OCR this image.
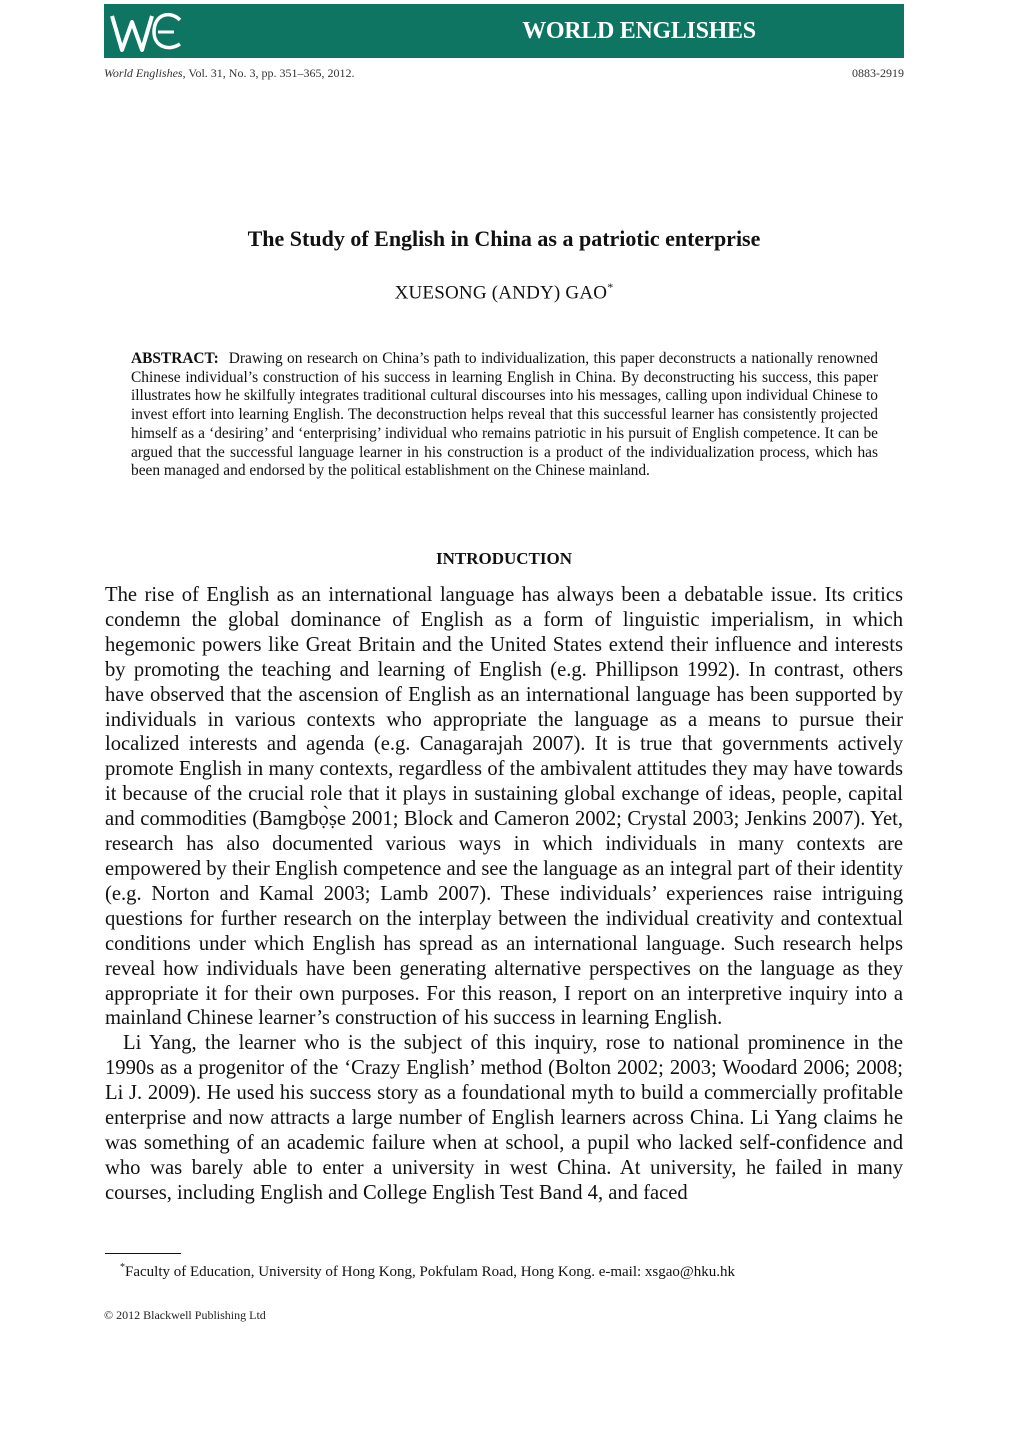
WORLD ENGLISHES
World Englishes, Vol. 31, No. 3, pp. 351–365, 2012.	0883-2919
The Study of English in China as a patriotic enterprise
XUESONG (ANDY) GAO*
ABSTRACT: Drawing on research on China’s path to individualization, this paper deconstructs a nationally renowned Chinese individual’s construction of his success in learning English in China. By deconstructing his success, this paper illustrates how he skilfully integrates traditional cultural discourses into his messages, calling upon individual Chinese to invest effort into learning English. The deconstruction helps reveal that this successful learner has consistently projected himself as a ‘desiring’ and ‘enterprising’ individual who remains patriotic in his pursuit of English competence. It can be argued that the successful language learner in his construction is a product of the individualization process, which has been managed and endorsed by the political establishment on the Chinese mainland.
INTRODUCTION

The rise of English as an international language has always been a debatable issue. Its critics condemn the global dominance of English as a form of linguistic imperialism, in which hegemonic powers like Great Britain and the United States extend their influence and interests by promoting the teaching and learning of English (e.g. Phillipson 1992). In contrast, others have observed that the ascension of English as an international language has been supported by individuals in various contexts who appropriate the language as a means to pursue their localized interests and agenda (e.g. Canagarajah 2007). It is true that governments actively promote English in many contexts, regardless of the ambivalent attitudes they may have towards it because of the crucial role that it plays in sustaining global exchange of ideas, people, capital and commodities (Bamgbọ̀ṣe 2001; Block and Cameron 2002; Crystal 2003; Jenkins 2007). Yet, research has also documented various ways in which individuals in many contexts are empowered by their English competence and see the language as an integral part of their identity (e.g. Norton and Kamal 2003; Lamb 2007). These individuals’ experiences raise intriguing questions for further research on the interplay between the individual creativity and contextual conditions under which English has spread as an international language. Such research helps reveal how individuals have been generating alternative perspectives on the language as they appropriate it for their own purposes. For this reason, I report on an interpretive inquiry into a mainland Chinese learner’s construction of his success in learning English.

Li Yang, the learner who is the subject of this inquiry, rose to national prominence in the 1990s as a progenitor of the ‘Crazy English’ method (Bolton 2002; 2003; Woodard 2006; 2008; Li J. 2009). He used his success story as a foundational myth to build a commercially profitable enterprise and now attracts a large number of English learners across China. Li Yang claims he was something of an academic failure when at school, a pupil who lacked self-confidence and who was barely able to enter a university in west China. At university, he failed in many courses, including English and College English Test Band 4, and faced

*Faculty of Education, University of Hong Kong, Pokfulam Road, Hong Kong. e-mail: xsgao@hku.hk
© 2012 Blackwell Publishing Ltd
